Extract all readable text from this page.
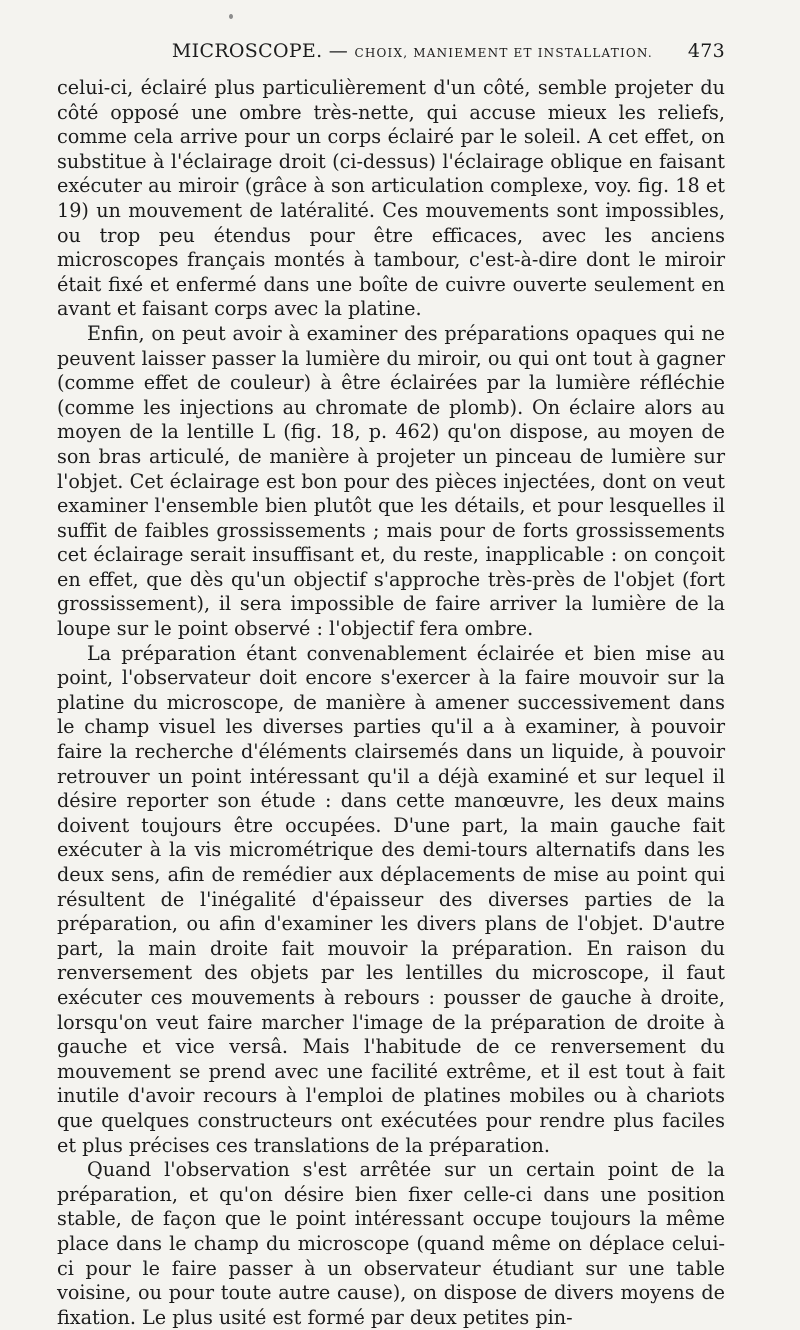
MICROSCOPE. — CHOIX, MANIEMENT ET INSTALLATION.	473

celui-ci, éclairé plus particulièrement d'un côté, semble projeter du côté opposé une ombre très-nette, qui accuse mieux les reliefs, comme cela arrive pour un corps éclairé par le soleil. A cet effet, on substitue à l'éclairage droit (ci-dessus) l'éclairage oblique en faisant exécuter au miroir (grâce à son articulation complexe, voy. fig. 18 et 19) un mouvement de latéralité. Ces mouvements sont impossibles, ou trop peu étendus pour être efficaces, avec les anciens microscopes français montés à tambour, c'est-à-dire dont le miroir était fixé et enfermé dans une boîte de cuivre ouverte seulement en avant et faisant corps avec la platine.

Enfin, on peut avoir à examiner des préparations opaques qui ne peuvent laisser passer la lumière du miroir, ou qui ont tout à gagner (comme effet de couleur) à être éclairées par la lumière réfléchie (comme les injections au chromate de plomb). On éclaire alors au moyen de la lentille L (fig. 18, p. 462) qu'on dispose, au moyen de son bras articulé, de manière à projeter un pinceau de lumière sur l'objet. Cet éclairage est bon pour des pièces injectées, dont on veut examiner l'ensemble bien plutôt que les détails, et pour lesquelles il suffit de faibles grossissements ; mais pour de forts grossissements cet éclairage serait insuffisant et, du reste, inapplicable : on conçoit en effet, que dès qu'un objectif s'approche très-près de l'objet (fort grossissement), il sera impossible de faire arriver la lumière de la loupe sur le point observé : l'objectif fera ombre.

La préparation étant convenablement éclairée et bien mise au point, l'observateur doit encore s'exercer à la faire mouvoir sur la platine du microscope, de manière à amener successivement dans le champ visuel les diverses parties qu'il a à examiner, à pouvoir faire la recherche d'éléments clairsemés dans un liquide, à pouvoir retrouver un point intéressant qu'il a déjà examiné et sur lequel il désire reporter son étude : dans cette manœuvre, les deux mains doivent toujours être occupées. D'une part, la main gauche fait exécuter à la vis micrométrique des demi-tours alternatifs dans les deux sens, afin de remédier aux déplacements de mise au point qui résultent de l'inégalité d'épaisseur des diverses parties de la préparation, ou afin d'examiner les divers plans de l'objet. D'autre part, la main droite fait mouvoir la préparation. En raison du renversement des objets par les lentilles du microscope, il faut exécuter ces mouvements à rebours : pousser de gauche à droite, lorsqu'on veut faire marcher l'image de la préparation de droite à gauche et vice versâ. Mais l'habitude de ce renversement du mouvement se prend avec une facilité extrême, et il est tout à fait inutile d'avoir recours à l'emploi de platines mobiles ou à chariots que quelques constructeurs ont exécutées pour rendre plus faciles et plus précises ces translations de la préparation.

Quand l'observation s'est arrêtée sur un certain point de la préparation, et qu'on désire bien fixer celle-ci dans une position stable, de façon que le point intéressant occupe toujours la même place dans le champ du microscope (quand même on déplace celui-ci pour le faire passer à un observateur étudiant sur une table voisine, ou pour toute autre cause), on dispose de divers moyens de fixation. Le plus usité est formé par deux petites pin-
